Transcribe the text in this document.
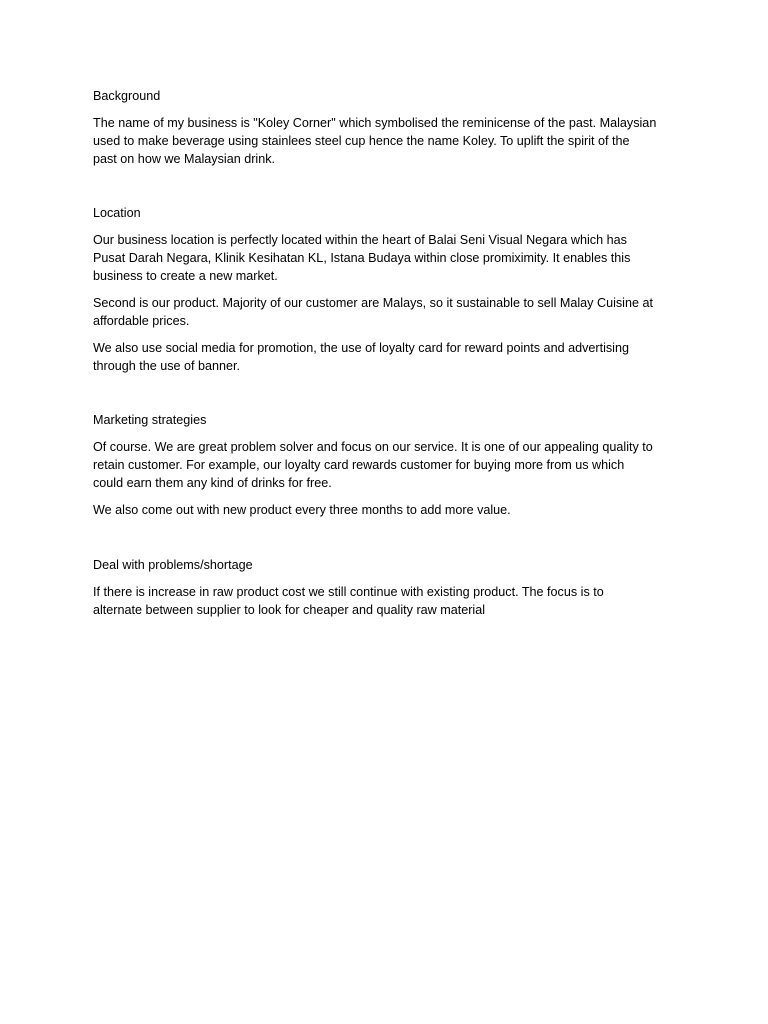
Background

The name of my business is "Koley Corner" which symbolised the reminicense of the past. Malaysian
used to make beverage using stainlees steel cup hence the name Koley. To uplift the spirit of the
past on how we Malaysian drink.

Location

Our business location is perfectly located within the heart of Balai Seni Visual Negara which has
Pusat Darah Negara, Klinik Kesihatan KL, Istana Budaya within close promiximity. It enables this
business to create a new market.

Second is our product. Majority of our customer are Malays, so it sustainable to sell Malay Cuisine at
affordable prices.

We also use social media for promotion, the use of loyalty card for reward points and advertising
through the use of banner.

Marketing strategies

Of course. We are great problem solver and focus on our service. It is one of our appealing quality to
retain customer. For example, our loyalty card rewards customer for buying more from us which
could earn them any kind of drinks for free.

We also come out with new product every three months to add more value.

Deal with problems/shortage

If there is increase in raw product cost we still continue with existing product. The focus is to
alternate between supplier to look for cheaper and quality raw material
